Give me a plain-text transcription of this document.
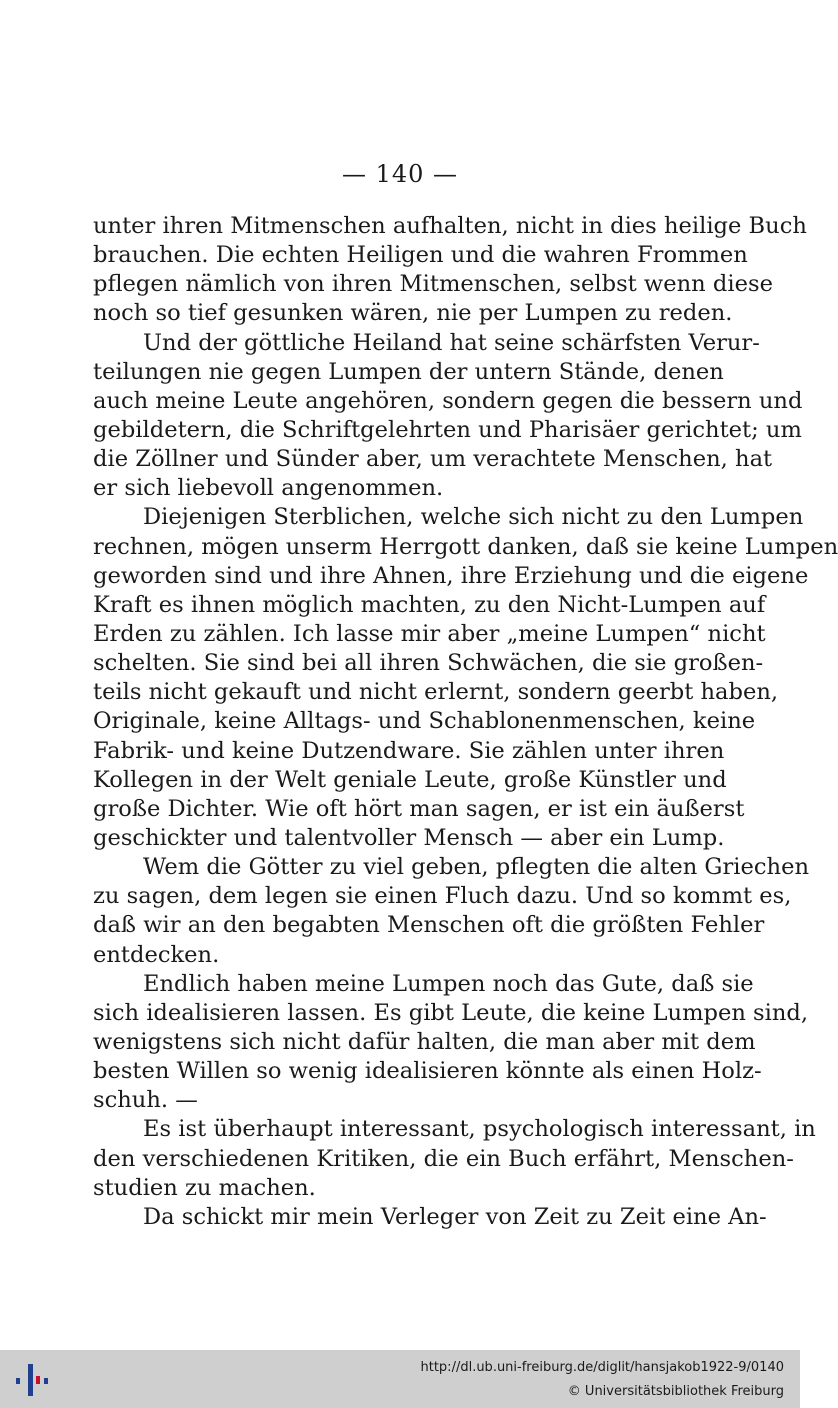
— 140 —
unter ihren Mitmenschen aufhalten, nicht in dies heilige Buch
brauchen. Die echten Heiligen und die wahren Frommen
pflegen nämlich von ihren Mitmenschen, selbst wenn diese
noch so tief gesunken wären, nie per Lumpen zu reden.
Und der göttliche Heiland hat seine schärfsten Verur-
teilungen nie gegen Lumpen der untern Stände, denen
auch meine Leute angehören, sondern gegen die bessern und
gebildetern, die Schriftgelehrten und Pharisäer gerichtet; um
die Zöllner und Sünder aber, um verachtete Menschen, hat
er sich liebevoll angenommen.
Diejenigen Sterblichen, welche sich nicht zu den Lumpen
rechnen, mögen unserm Herrgott danken, daß sie keine Lumpen
geworden sind und ihre Ahnen, ihre Erziehung und die eigene
Kraft es ihnen möglich machten, zu den Nicht-Lumpen auf
Erden zu zählen. Ich lasse mir aber „meine Lumpen“ nicht
schelten. Sie sind bei all ihren Schwächen, die sie großen-
teils nicht gekauft und nicht erlernt, sondern geerbt haben,
Originale, keine Alltags- und Schablonenmenschen, keine
Fabrik- und keine Dutzendware. Sie zählen unter ihren
Kollegen in der Welt geniale Leute, große Künstler und
große Dichter. Wie oft hört man sagen, er ist ein äußerst
geschickter und talentvoller Mensch — aber ein Lump.
Wem die Götter zu viel geben, pflegten die alten Griechen
zu sagen, dem legen sie einen Fluch dazu. Und so kommt es,
daß wir an den begabten Menschen oft die größten Fehler
entdecken.
Endlich haben meine Lumpen noch das Gute, daß sie
sich idealisieren lassen. Es gibt Leute, die keine Lumpen sind,
wenigstens sich nicht dafür halten, die man aber mit dem
besten Willen so wenig idealisieren könnte als einen Holz-
schuh. —
Es ist überhaupt interessant, psychologisch interessant, in
den verschiedenen Kritiken, die ein Buch erfährt, Menschen-
studien zu machen.
Da schickt mir mein Verleger von Zeit zu Zeit eine An-
http://dl.ub.uni-freiburg.de/diglit/hansjakob1922-9/0140
© Universitätsbibliothek Freiburg
